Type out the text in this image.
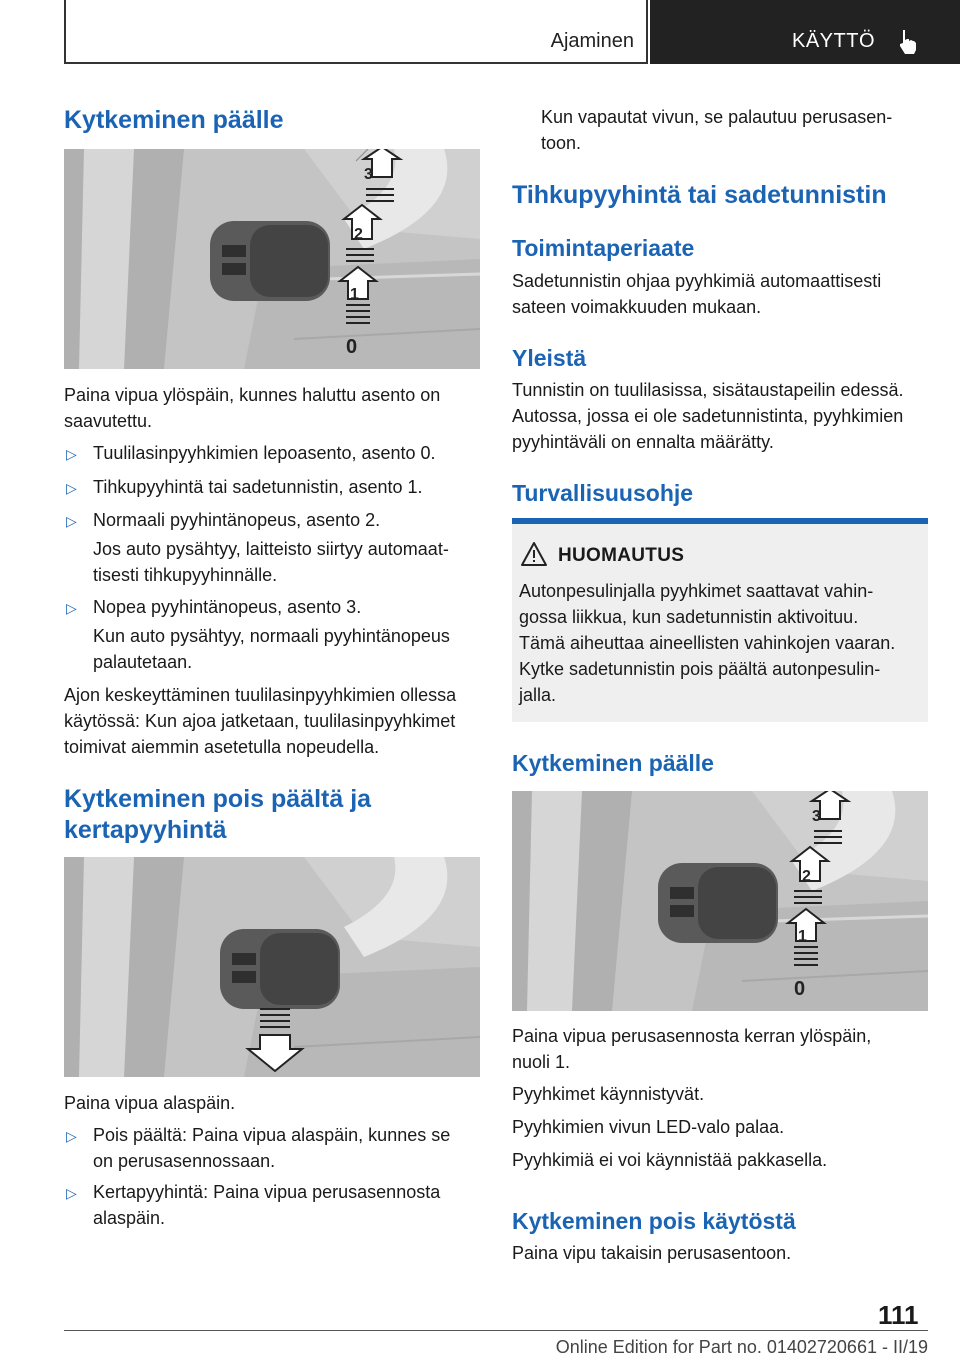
Ajaminen	KÄYTTÖ
Kytkeminen päälle
3
2
1
0
Paina vipua ylöspäin, kunnes haluttu asento on
saavutettu.
▷ Tuulilasinpyyhkimien lepoasento, asento 0.
▷ Tihkupyyhintä tai sadetunnistin, asento 1.
▷ Normaali pyyhintänopeus, asento 2.
Jos auto pysähtyy, laitteisto siirtyy automaat-
tisesti tihkupyyhinnälle.
▷ Nopea pyyhintänopeus, asento 3.
Kun auto pysähtyy, normaali pyyhintänopeus
palautetaan.
Ajon keskeyttäminen tuulilasinpyyhkimien ollessa
käytössä: Kun ajoa jatketaan, tuulilasinpyyhkimet
toimivat aiemmin asetetulla nopeudella.
Kytkeminen pois päältä ja
kertapyyhintä
Paina vipua alaspäin.
▷ Pois päältä: Paina vipua alaspäin, kunnes se
on perusasennossaan.
▷ Kertapyyhintä: Paina vipua perusasennosta
alaspäin.
Kun vapautat vivun, se palautuu perusasen-
toon.
Tihkupyyhintä tai sadetunnistin
Toimintaperiaate
Sadetunnistin ohjaa pyyhkimiä automaattisesti
sateen voimakkuuden mukaan.
Yleistä
Tunnistin on tuulilasissa, sisätaustapeilin edessä.
Autossa, jossa ei ole sadetunnistinta, pyyhkimien
pyyhintäväli on ennalta määrätty.
Turvallisuusohje
HUOMAUTUS
Autonpesulinjalla pyyhkimet saattavat vahin-
gossa liikkua, kun sadetunnistin aktivoituu.
Tämä aiheuttaa aineellisten vahinkojen vaaran.
Kytke sadetunnistin pois päältä autonpesulin-
jalla.
Kytkeminen päälle
3
2
1
0
Paina vipua perusasennosta kerran ylöspäin,
nuoli 1.
Pyyhkimet käynnistyvät.
Pyyhkimien vivun LED-valo palaa.
Pyyhkimiä ei voi käynnistää pakkasella.
Kytkeminen pois käytöstä
Paina vipu takaisin perusasentoon.
111
Online Edition for Part no. 01402720661 - II/19
